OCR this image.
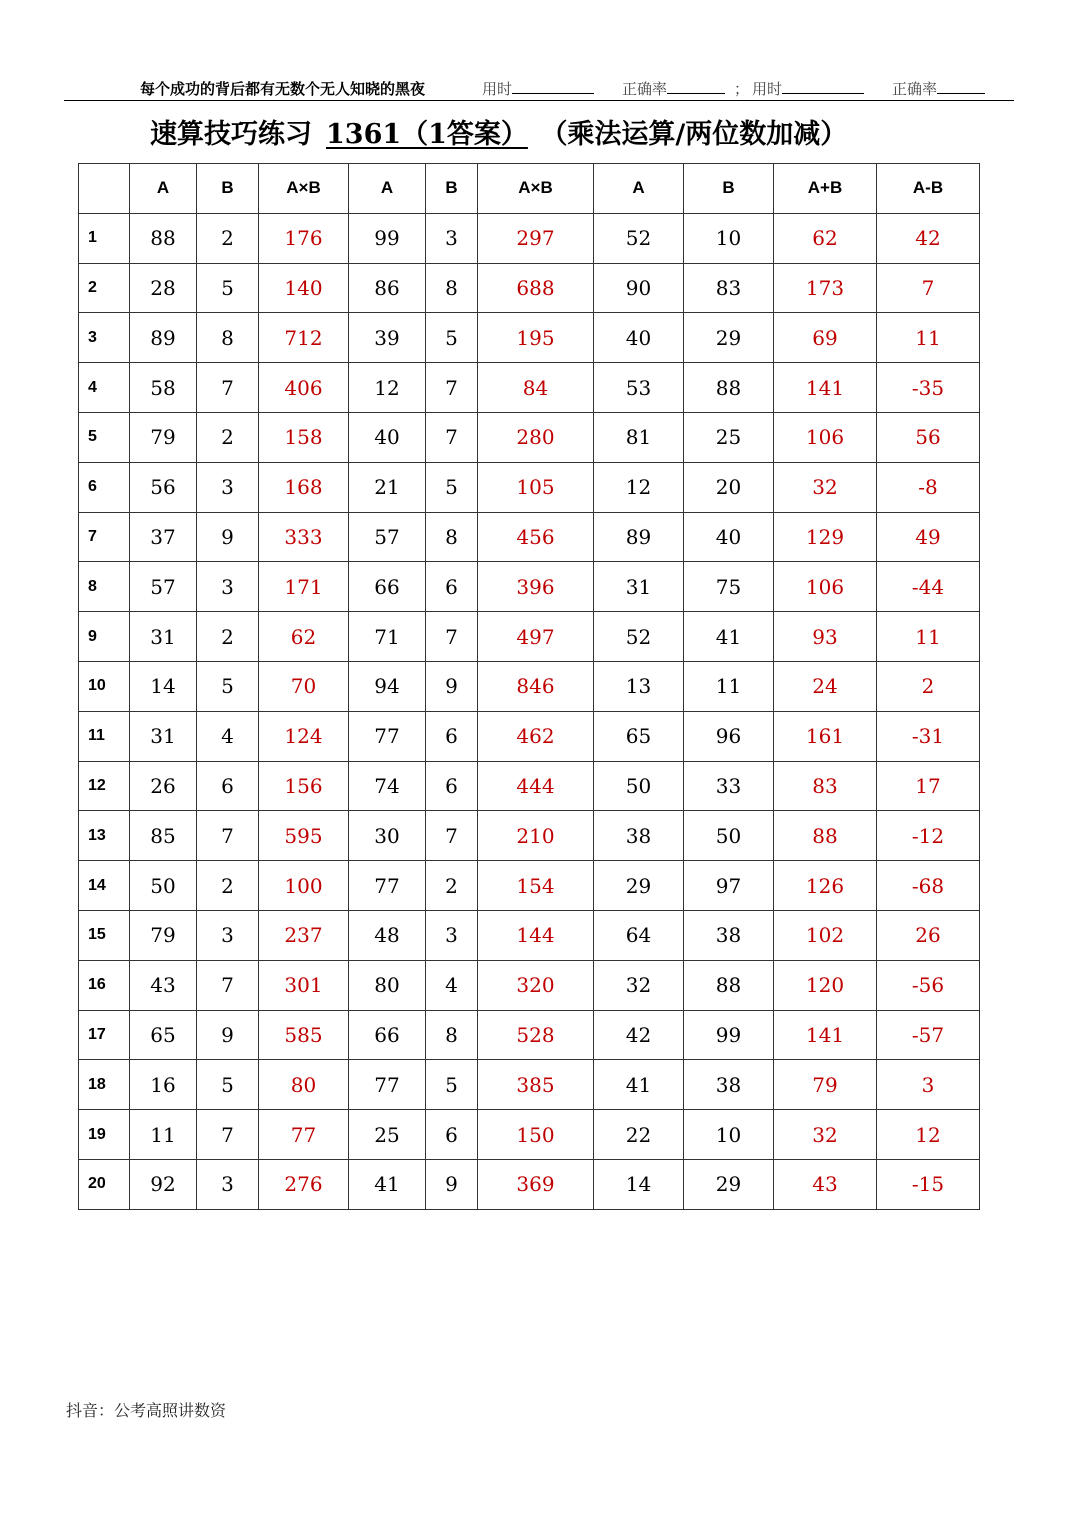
每个成功的背后都有无数个无人知晓的黑夜	用时	正确率	； 用时	正确率
速算技巧练习 1361（1答案） （乘法运算/两位数加减）
	A	B	A×B	A	B	A×B	A	B	A+B	A-B
1	88	2	176	99	3	297	52	10	62	42
2	28	5	140	86	8	688	90	83	173	7
3	89	8	712	39	5	195	40	29	69	11
4	58	7	406	12	7	84	53	88	141	-35
5	79	2	158	40	7	280	81	25	106	56
6	56	3	168	21	5	105	12	20	32	-8
7	37	9	333	57	8	456	89	40	129	49
8	57	3	171	66	6	396	31	75	106	-44
9	31	2	62	71	7	497	52	41	93	11
10	14	5	70	94	9	846	13	11	24	2
11	31	4	124	77	6	462	65	96	161	-31
12	26	6	156	74	6	444	50	33	83	17
13	85	7	595	30	7	210	38	50	88	-12
14	50	2	100	77	2	154	29	97	126	-68
15	79	3	237	48	3	144	64	38	102	26
16	43	7	301	80	4	320	32	88	120	-56
17	65	9	585	66	8	528	42	99	141	-57
18	16	5	80	77	5	385	41	38	79	3
19	11	7	77	25	6	150	22	10	32	12
20	92	3	276	41	9	369	14	29	43	-15
抖音：公考高照讲数资
